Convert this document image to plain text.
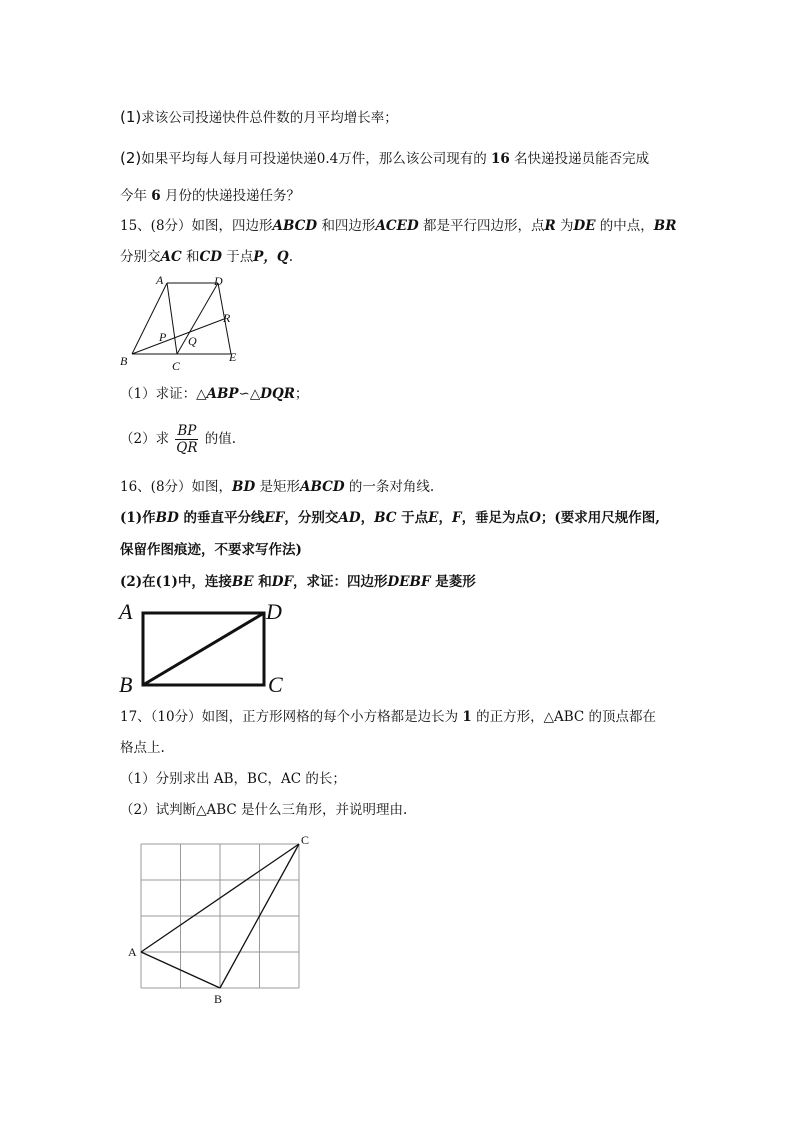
(1)求该公司投递快件总件数的月平均增长率；
(2)如果平均每人每月可投递快递0.4万件，那么该公司现有的 16 名快递投递员能否完成
今年 6 月份的快递投递任务？
15、(8分）如图，四边形ABCD 和四边形ACED 都是平行四边形，点R 为DE 的中点，BR
分别交AC 和CD 于点P，Q.
A	D
R
P Q
B	C
E
（1）求证：△ABP∽△DQR；
（2）求 $\frac{BP}{QR}$ 的值.
16、(8分）如图，BD 是矩形ABCD 的一条对角线.
(1)作BD 的垂直平分线EF，分别交AD，BC 于点E，F，垂足为点O；(要求用尺规作图,
保留作图痕迹，不要求写作法)
(2)在(1)中，连接BE 和DF，求证：四边形DEBF 是菱形
A	D
B	C
17、（10分）如图，正方形网格的每个小方格都是边长为 1 的正方形，△ABC 的顶点都在
格点上.
（1）分别求出 AB，BC，AC 的长；
（2）试判断△ABC 是什么三角形，并说明理由.
A
B
C
